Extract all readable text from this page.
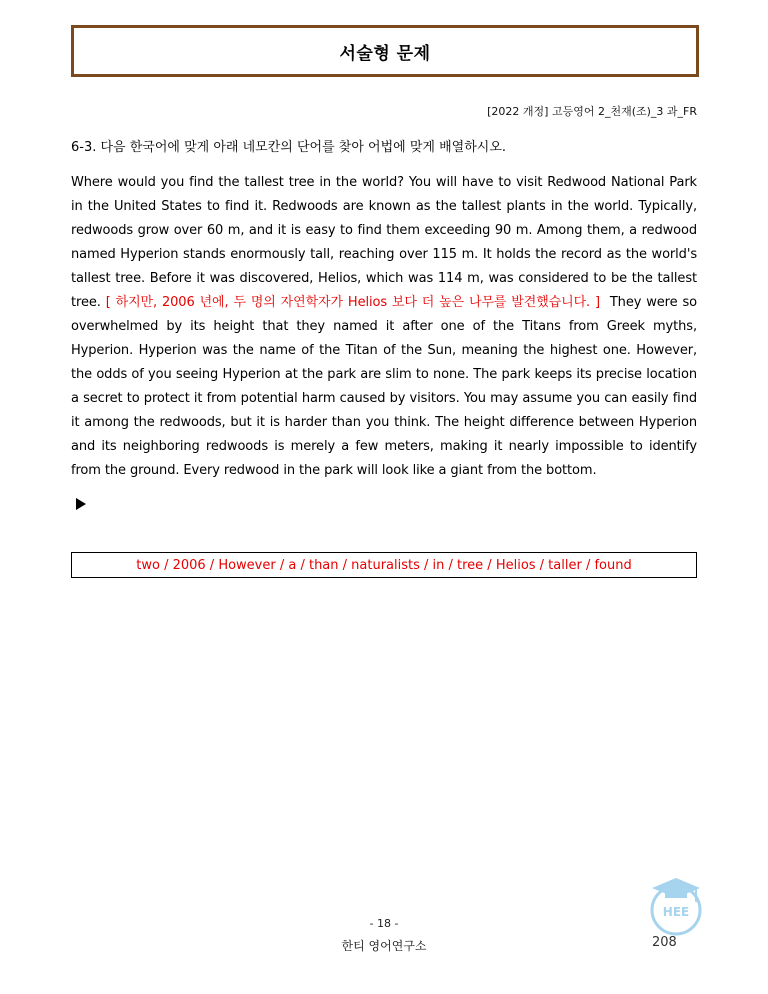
서술형 문제
[2022 개정] 고등영어 2_천재(조)_3 과_FR
6-3. 다음 한국어에 맞게 아래 네모칸의 단어를 찾아 어법에 맞게 배열하시오.
Where would you find the tallest tree in the world? You will have to visit Redwood National Park in the United States to find it. Redwoods are known as the tallest plants in the world. Typically, redwoods grow over 60 m, and it is easy to find them exceeding 90 m. Among them, a redwood named Hyperion stands enormously tall, reaching over 115 m. It holds the record as the world's tallest tree. Before it was discovered, Helios, which was 114 m, was considered to be the tallest tree. [ 하지만, 2006 년에, 두 명의 자연학자가 Helios 보다 더 높은 나무를 발견했습니다. ] They were so overwhelmed by its height that they named it after one of the Titans from Greek myths, Hyperion. Hyperion was the name of the Titan of the Sun, meaning the highest one. However, the odds of you seeing Hyperion at the park are slim to none. The park keeps its precise location a secret to protect it from potential harm caused by visitors. You may assume you can easily find it among the redwoods, but it is harder than you think. The height difference between Hyperion and its neighboring redwoods is merely a few meters, making it nearly impossible to identify from the ground. Every redwood in the park will look like a giant from the bottom.
two / 2006 / However / a / than / naturalists / in / tree / Helios / taller / found
- 18 -
한티 영어연구소
HEE
208
